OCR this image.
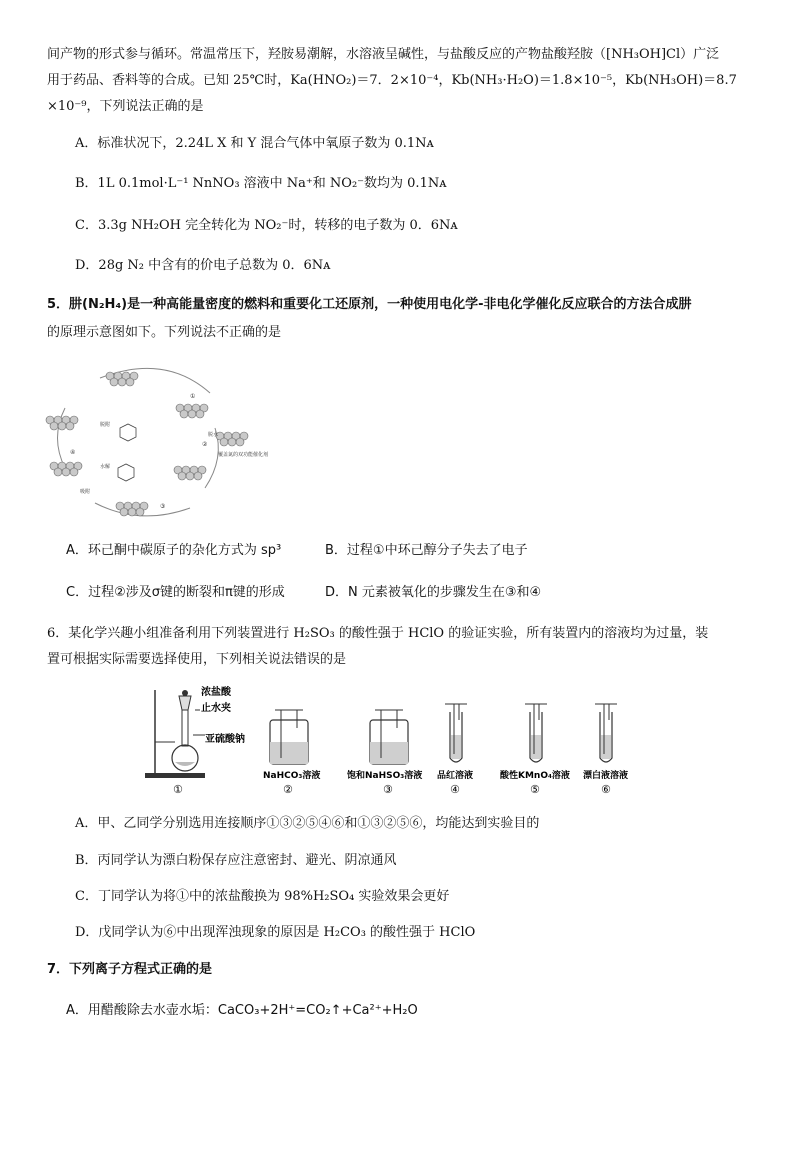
间产物的形式参与循环。常温常压下，羟胺易潮解，水溶液呈碱性，与盐酸反应的产物盐酸羟胺（[NH₃OH]Cl）广泛
用于药品、香料等的合成。已知 25℃时，Ka(HNO₂)＝7．2×10⁻⁴，Kb(NH₃·H₂O)＝1.8×10⁻⁵，Kb(NH₃OH)＝8.7
×10⁻⁹，下列说法正确的是
A．标准状况下，2.24L X 和 Y 混合气体中氧原子数为 0.1Nᴀ
B．1L 0.1mol·L⁻¹ NnNO₃ 溶液中 Na⁺和 NO₂⁻数均为 0.1Nᴀ
C．3.3g NH₂OH 完全转化为 NO₂⁻时，转移的电子数为 0．6Nᴀ
D．28g N₂ 中含有的价电子总数为 0．6Nᴀ
5．肼(N₂H₄)是一种高能量密度的燃料和重要化工还原剂，一种使用电化学-非电化学催化反应联合的方法合成肼
的原理示意图如下。下列说法不正确的是
覆盖氮的双功能催化剂
①
②
③
④
水解
脱水
脱附
吸附
A．环己酮中碳原子的杂化方式为 sp³	B．过程①中环己醇分子失去了电子
C．过程②涉及σ键的断裂和π键的形成	D．N 元素被氧化的步骤发生在③和④
6．某化学兴趣小组准备利用下列装置进行 H₂SO₃ 的酸性强于 HClO 的验证实验，所有装置内的溶液均为过量，装
置可根据实际需要选择使用，下列相关说法错误的是
浓盐酸
止水夹
亚硫酸钠
①
NaHCO₃溶液
②
饱和NaHSO₃溶液
③
品红溶液
④
酸性KMnO₄溶液
⑤
漂白液溶液
⑥
A．甲、乙同学分别选用连接顺序①③②⑤④⑥和①③②⑤⑥，均能达到实验目的
B．丙同学认为漂白粉保存应注意密封、避光、阴凉通风
C．丁同学认为将①中的浓盐酸换为 98%H₂SO₄ 实验效果会更好
D．戊同学认为⑥中出现浑浊现象的原因是 H₂CO₃ 的酸性强于 HClO
7．下列离子方程式正确的是
A．用醋酸除去水壶水垢：CaCO₃+2H⁺=CO₂↑+Ca²⁺+H₂O
